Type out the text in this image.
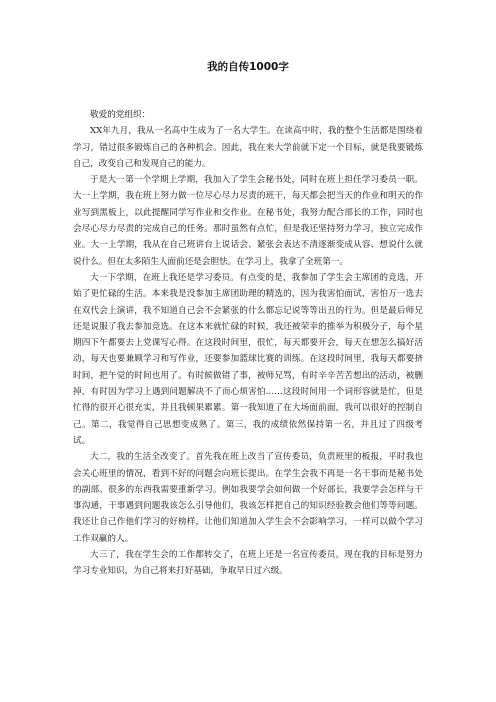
我的自传1000字

敬爱的党组织：

XX年九月，我从一名高中生成为了一名大学生。在读高中时，我的整个生活都是围绕着学习，错过很多锻炼自己的各种机会。因此，我在来大学前就下定一个目标，就是我要锻炼自己，改变自己和发现自己的能力。

于是大一第一个学期上学期，我加入了学生会秘书处，同时在班上担任学习委员一职。大一上学期，我在班上努力做一位尽心尽力尽责的班干，每天都会把当天的作业和明天的作业写到黑板上，以此提醒同学写作业和交作业。在秘书处，我努力配合部长的工作，同时也会尽心尽力尽责的完成自己的任务。那时虽然有点忙，但是我还坚持努力学习，独立完成作业。大一上学期，我从在自己班讲台上说话会、紧张会表达不清逐渐变成从容、想说什么就说什么。但在太多陌生人面前还是会胆怯。在学习上，我拿了全班第一。

大一下学期，在班上我还是学习委员。有点变的是，我参加了学生会主席团的竞选，开始了更忙碌的生活。本来我是没参加主席团助理的精选的，因为我害怕面试，害怕万一选去在双代会上演讲，我不知道自己会不会紧张的什么都忘记说等等出丑的行为。但是最后师兄还是说服了我去参加竞选。在这本来就忙碌的时候，我还被荣幸的推举为积极分子，每个星期四下午都要去上党课写心得。在这段时间里，很忙，每天都要开会，每天在想怎么搞好活动，每天也要兼顾学习和写作业，还要参加篮球比赛的训练。在这段时间里，我每天都要挤时间，把午觉的时间也用了。有时候做错了事，被师兄骂，有时辛辛苦苦想出的活动，被删掉，有时因为学习上遇到问题解决不了而心烦害怕……这段时间用一个词形容就是忙，但是忙得的很开心很充实，并且我顿果累累。第一我知道了在大场面前面，我可以很好的控制自己。第二，我觉得自己思想变成熟了。第三，我的成绩依然保持第一名，并且过了四级考试。

大二，我的生活全改变了。首先我在班上改当了宣传委员，负责班里的板报，平时我也会关心班里的情况，看到不好的问题会向班长提出。在学生会我不再是一名干事而是秘书处的副部。很多的东西我需要重新学习。例如我要学会如何做一个好部长，我要学会怎样与干事沟通，干事遇到问题我该怎么引导他们，我该怎样把自己的知识经验教会他们等等问题。我还让自己作他们学习的好榜样，让他们知道加入学生会不会影响学习，一样可以做个学习工作双赢的人。

大三了，我在学生会的工作都转交了，在班上还是一名宣传委员。现在我的目标是努力学习专业知识，为自己将来打好基础，争取早日过六级。
